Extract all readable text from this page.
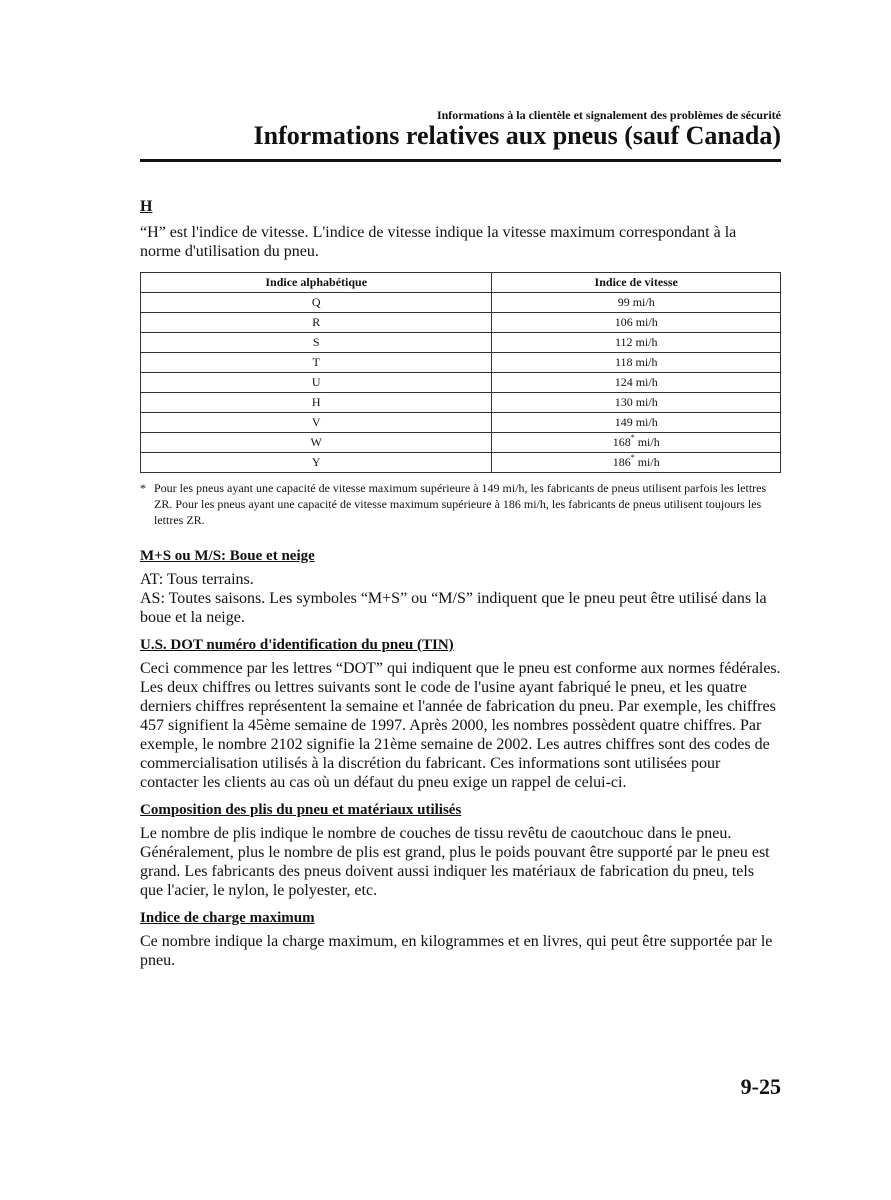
Informations à la clientèle et signalement des problèmes de sécurité
Informations relatives aux pneus (sauf Canada)

H

“H” est l'indice de vitesse. L'indice de vitesse indique la vitesse maximum correspondant à la norme d'utilisation du pneu.

Indice alphabétique	Indice de vitesse
Q	99 mi/h
R	106 mi/h
S	112 mi/h
T	118 mi/h
U	124 mi/h
H	130 mi/h
V	149 mi/h
W	168* mi/h
Y	186* mi/h
* Pour les pneus ayant une capacité de vitesse maximum supérieure à 149 mi/h, les fabricants de pneus utilisent parfois les lettres ZR. Pour les pneus ayant une capacité de vitesse maximum supérieure à 186 mi/h, les fabricants de pneus utilisent toujours les lettres ZR.

M+S ou M/S: Boue et neige

AT: Tous terrains.

AS: Toutes saisons. Les symboles “M+S” ou “M/S” indiquent que le pneu peut être utilisé dans la boue et la neige.

U.S. DOT numéro d'identification du pneu (TIN)

Ceci commence par les lettres “DOT” qui indiquent que le pneu est conforme aux normes fédérales. Les deux chiffres ou lettres suivants sont le code de l'usine ayant fabriqué le pneu, et les quatre derniers chiffres représentent la semaine et l'année de fabrication du pneu. Par exemple, les chiffres 457 signifient la 45ème semaine de 1997. Après 2000, les nombres possèdent quatre chiffres. Par exemple, le nombre 2102 signifie la 21ème semaine de 2002. Les autres chiffres sont des codes de commercialisation utilisés à la discrétion du fabricant. Ces informations sont utilisées pour contacter les clients au cas où un défaut du pneu exige un rappel de celui-ci.

Composition des plis du pneu et matériaux utilisés

Le nombre de plis indique le nombre de couches de tissu revêtu de caoutchouc dans le pneu. Généralement, plus le nombre de plis est grand, plus le poids pouvant être supporté par le pneu est grand. Les fabricants des pneus doivent aussi indiquer les matériaux de fabrication du pneu, tels que l'acier, le nylon, le polyester, etc.

Indice de charge maximum

Ce nombre indique la charge maximum, en kilogrammes et en livres, qui peut être supportée par le pneu.

9-25
